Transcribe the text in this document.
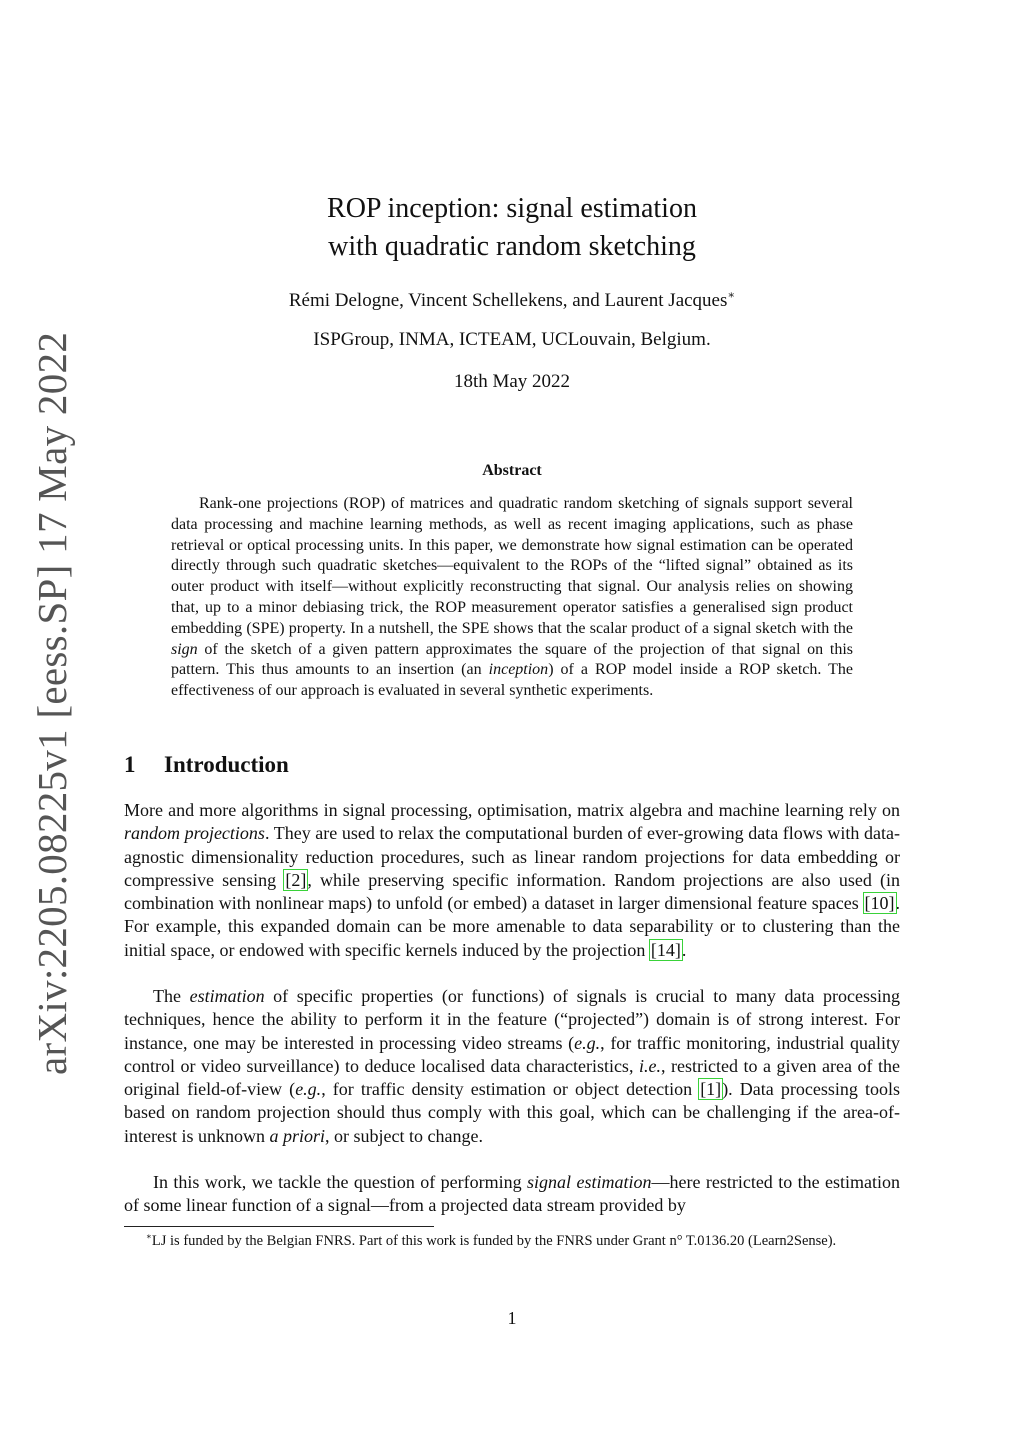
arXiv:2205.08225v1 [eess.SP] 17 May 2022
ROP inception: signal estimation
with quadratic random sketching
Rémi Delogne, Vincent Schellekens, and Laurent Jacques∗
ISPGroup, INMA, ICTEAM, UCLouvain, Belgium.
18th May 2022
Abstract

Rank-one projections (ROP) of matrices and quadratic random sketching of signals support several data processing and machine learning methods, as well as recent imaging applications, such as phase retrieval or optical processing units. In this paper, we demonstrate how signal estimation can be operated directly through such quadratic sketches—equivalent to the ROPs of the “lifted signal” obtained as its outer product with itself—without explicitly reconstructing that signal. Our analysis relies on showing that, up to a minor debiasing trick, the ROP measurement operator satisfies a generalised sign product embedding (SPE) property. In a nutshell, the SPE shows that the scalar product of a signal sketch with the sign of the sketch of a given pattern approximates the square of the projection of that signal on this pattern. This thus amounts to an insertion (an inception) of a ROP model inside a ROP sketch. The effectiveness of our approach is evaluated in several synthetic experiments.

1 Introduction

More and more algorithms in signal processing, optimisation, matrix algebra and machine learning rely on random projections. They are used to relax the computational burden of ever-growing data flows with data-agnostic dimensionality reduction procedures, such as linear random projections for data embedding or compressive sensing [2], while preserving specific information. Random projections are also used (in combination with nonlinear maps) to unfold (or embed) a dataset in larger dimensional feature spaces [10]. For example, this expanded domain can be more amenable to data separability or to clustering than the initial space, or endowed with specific kernels induced by the projection [14].

The estimation of specific properties (or functions) of signals is crucial to many data processing techniques, hence the ability to perform it in the feature (“projected”) domain is of strong interest. For instance, one may be interested in processing video streams (e.g., for traffic monitoring, industrial quality control or video surveillance) to deduce localised data characteristics, i.e., restricted to a given area of the original field-of-view (e.g., for traffic density estimation or object detection [1]). Data processing tools based on random projection should thus comply with this goal, which can be challenging if the area-of-interest is unknown a priori, or subject to change.

In this work, we tackle the question of performing signal estimation—here restricted to the estimation of some linear function of a signal—from a projected data stream provided by

∗LJ is funded by the Belgian FNRS. Part of this work is funded by the FNRS under Grant n° T.0136.20 (Learn2Sense).

1
